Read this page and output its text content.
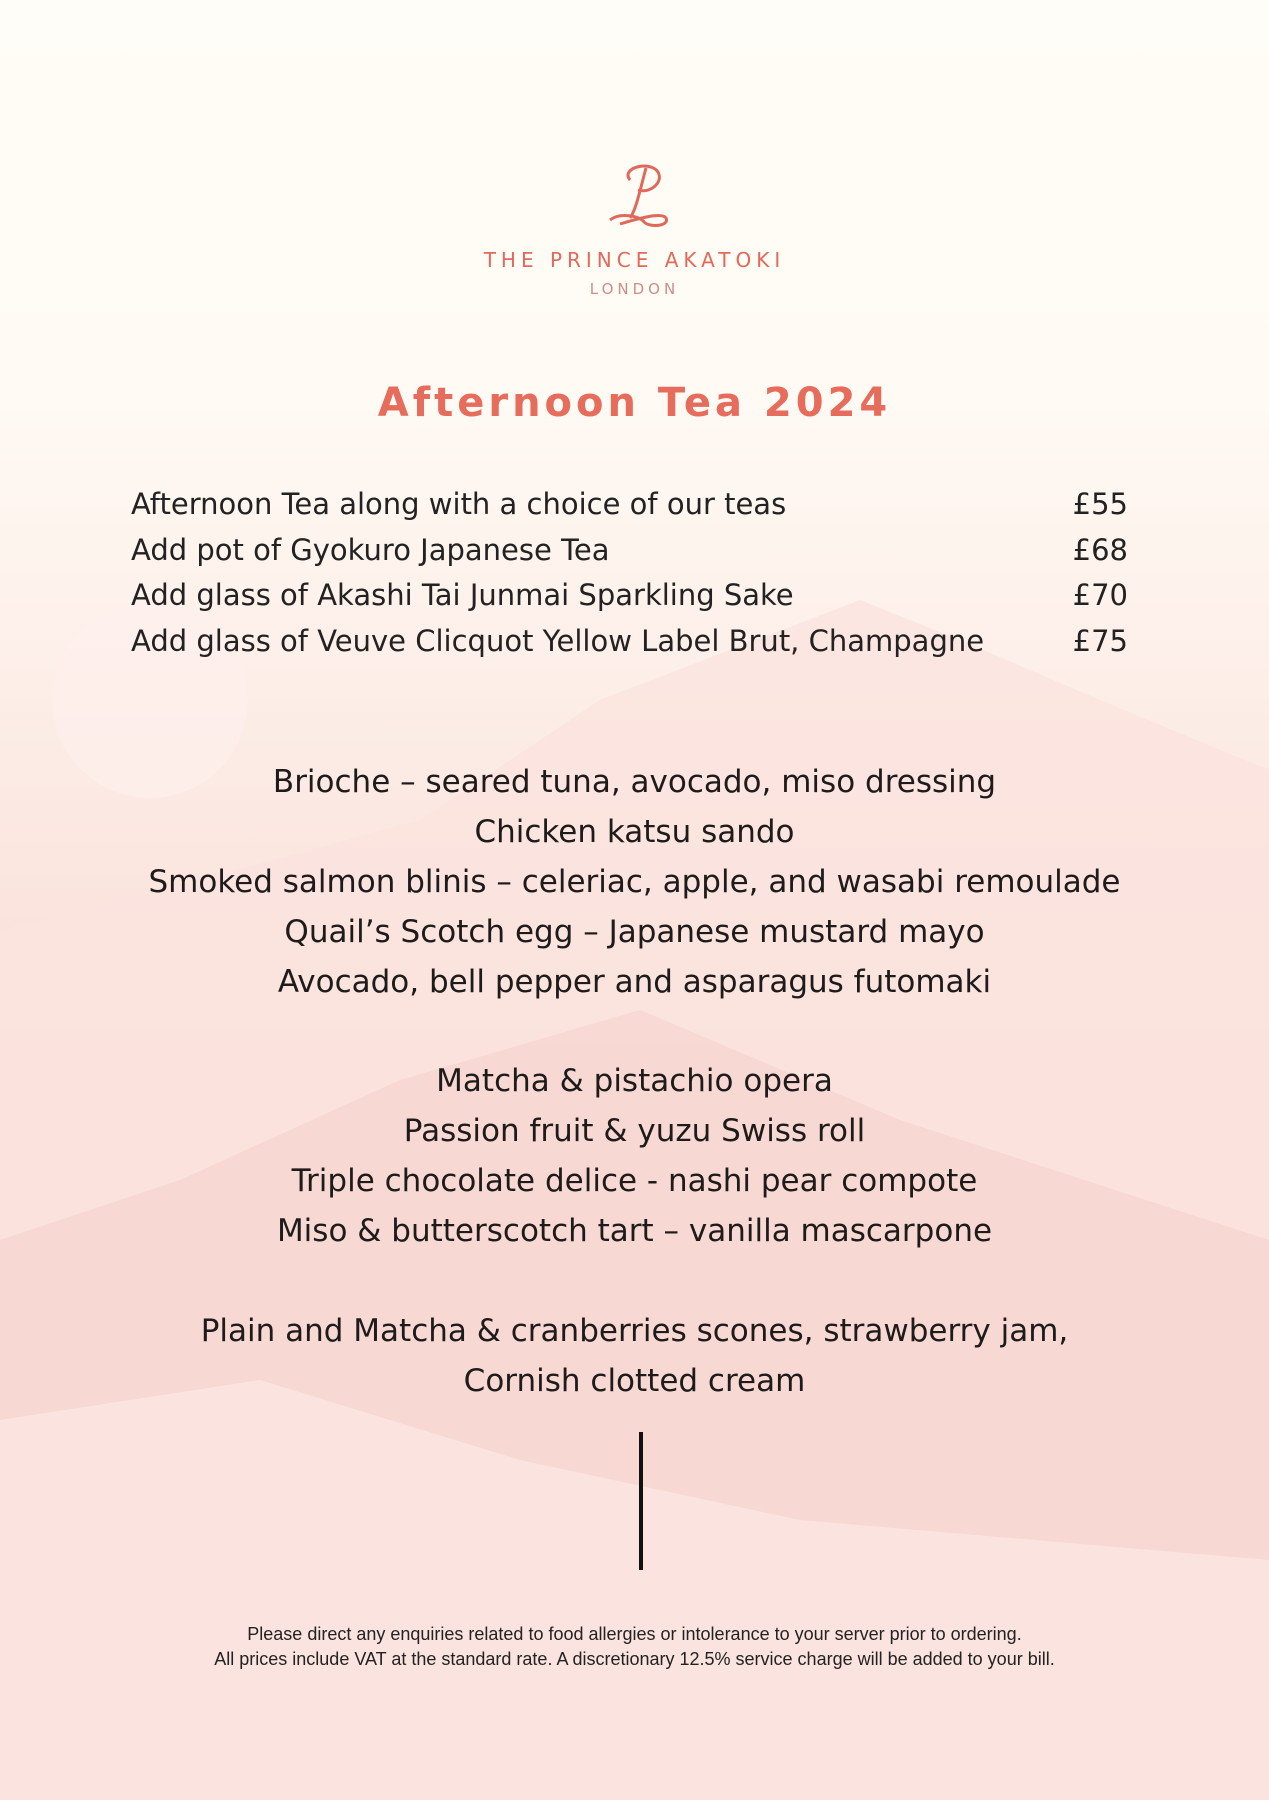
THE PRINCE AKATOKI
LONDON
Afternoon Tea 2024
Afternoon Tea along with a choice of our teas	£55
Add pot of Gyokuro Japanese Tea	£68
Add glass of Akashi Tai Junmai Sparkling Sake	£70
Add glass of Veuve Clicquot Yellow Label Brut, Champagne	£75
Brioche – seared tuna, avocado, miso dressing
Chicken katsu sando
Smoked salmon blinis – celeriac, apple, and wasabi remoulade
Quail’s Scotch egg – Japanese mustard mayo
Avocado, bell pepper and asparagus futomaki
Matcha & pistachio opera
Passion fruit & yuzu Swiss roll
Triple chocolate delice - nashi pear compote
Miso & butterscotch tart – vanilla mascarpone
Plain and Matcha & cranberries scones, strawberry jam,
Cornish clotted cream
Please direct any enquiries related to food allergies or intolerance to your server prior to ordering.
All prices include VAT at the standard rate. A discretionary 12.5% service charge will be added to your bill.
